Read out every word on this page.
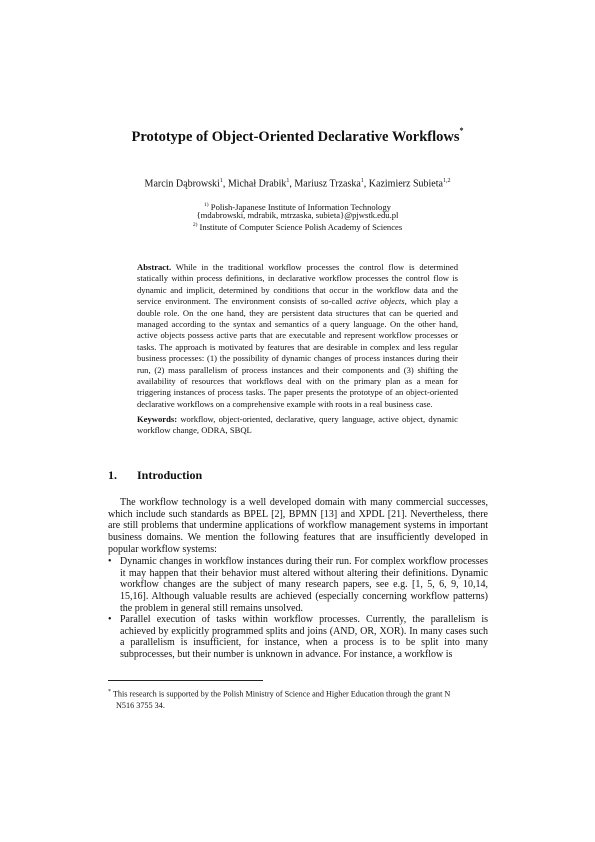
Prototype of Object-Oriented Declarative Workflows*
Marcin Dąbrowski$^1$, Michał Drabik$^1$, Mariusz Trzaska$^1$, Kazimierz Subieta$^{1,2}$
$^{1)}$ Polish-Japanese Institute of Information Technology
{mdabrowski, mdrabik, mtrzaska, subieta}@pjwstk.edu.pl
$^{2)}$ Institute of Computer Science Polish Academy of Sciences
Abstract. While in the traditional workflow processes the control flow is determined statically within process definitions, in declarative workflow processes the control flow is dynamic and implicit, determined by conditions that occur in the workflow data and the service environment. The environment consists of so-called active objects, which play a double role. On the one hand, they are persistent data structures that can be queried and managed according to the syntax and semantics of a query language. On the other hand, active objects possess active parts that are executable and represent workflow processes or tasks. The approach is motivated by features that are desirable in complex and less regular business processes: (1) the possibility of dynamic changes of process instances during their run, (2) mass parallelism of process instances and their components and (3) shifting the availability of resources that workflows deal with on the primary plan as a mean for triggering instances of process tasks. The paper presents the prototype of an object-oriented declarative workflows on a comprehensive example with roots in a real business case.
Keywords: workflow, object-oriented, declarative, query language, active object, dynamic workflow change, ODRA, SBQL
1. Introduction
The workflow technology is a well developed domain with many commercial successes, which include such standards as BPEL [2], BPMN [13] and XPDL [21]. Nevertheless, there are still problems that undermine applications of workflow management systems in important business domains. We mention the following features that are insufficiently developed in popular workflow systems:
• Dynamic changes in workflow instances during their run. For complex workflow processes it may happen that their behavior must altered without altering their definitions. Dynamic workflow changes are the subject of many research papers, see e.g. [1, 5, 6, 9, 10,14, 15,16]. Although valuable results are achieved (especially concerning workflow patterns) the problem in general still remains unsolved.
• Parallel execution of tasks within workflow processes. Currently, the parallelism is achieved by explicitly programmed splits and joins (AND, OR, XOR). In many cases such a parallelism is insufficient, for instance, when a process is to be split into many subprocesses, but their number is unknown in advance. For instance, a workflow is
* This research is supported by the Polish Ministry of Science and Higher Education through the grant N
N516 3755 34.
